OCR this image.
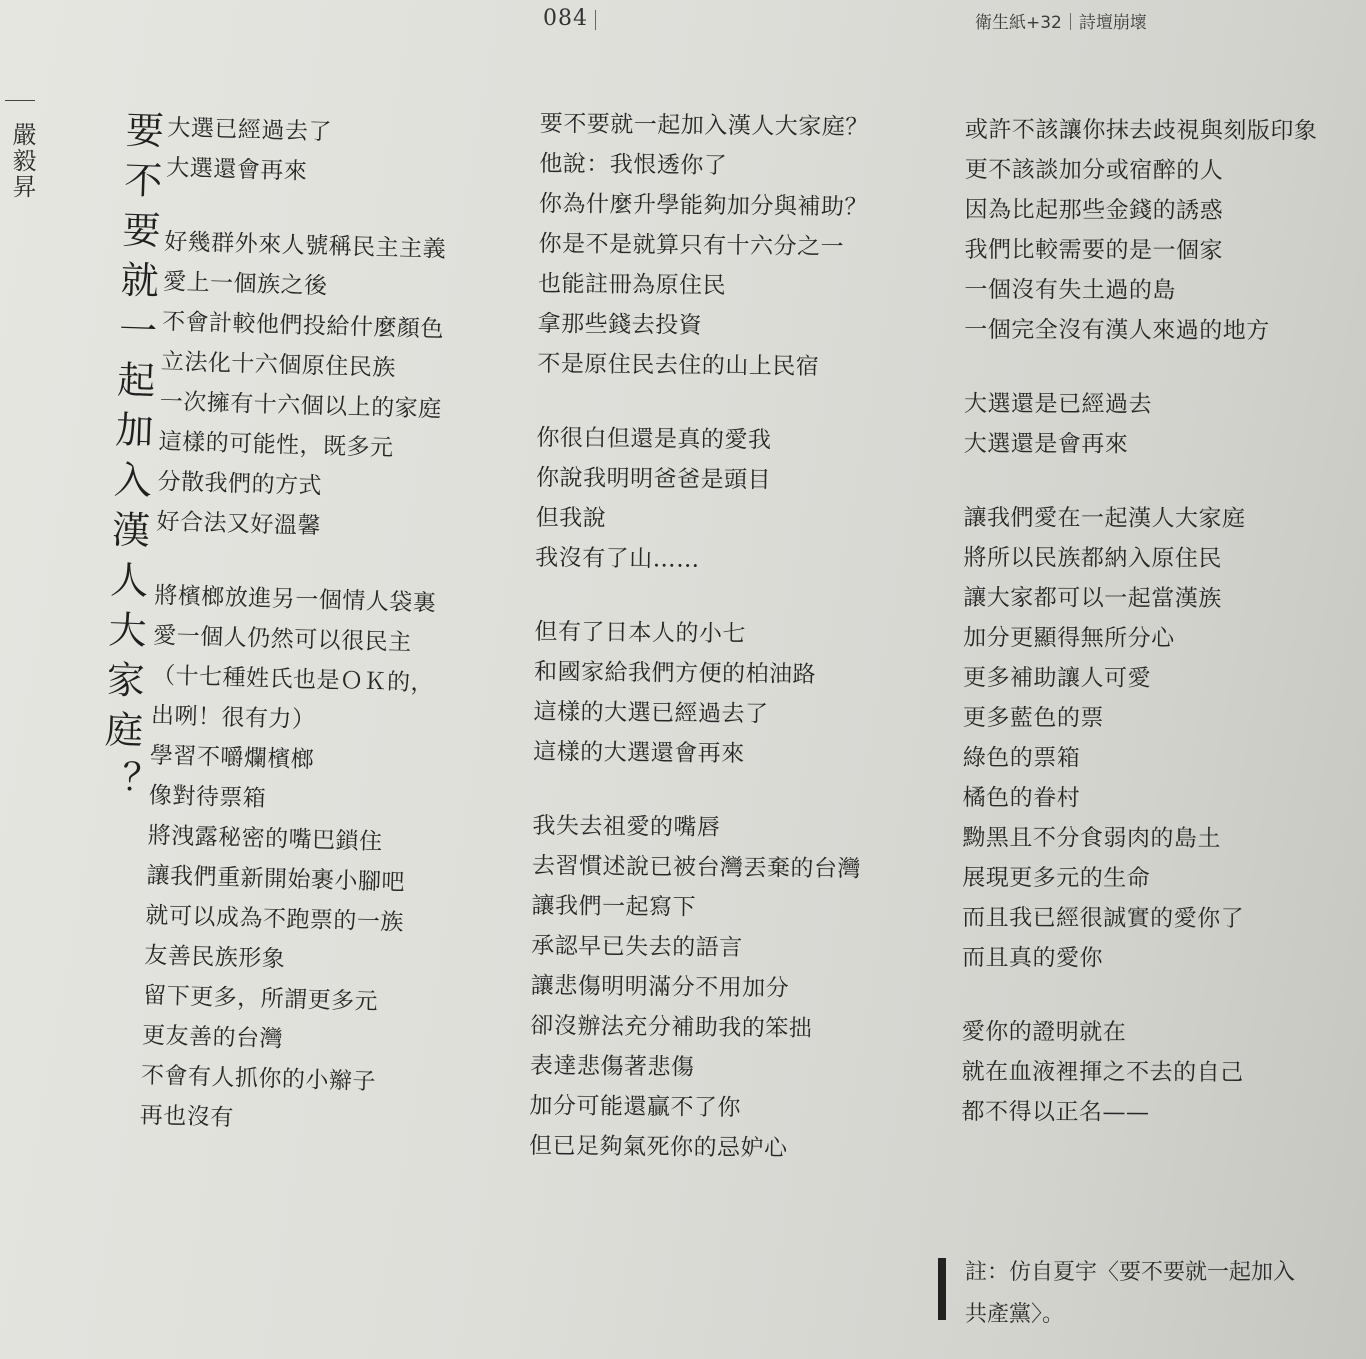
084	衛生紙+32｜詩壇崩壞
嚴毅昇 要不要就一起加入漢人大家庭？ 大選已經過去了
大選還會再來
好幾群外來人號稱民主主義
愛上一個族之後
不會計較他們投給什麼顏色
立法化十六個原住民族
一次擁有十六個以上的家庭
這樣的可能性，既多元
分散我們的方式
好合法又好溫馨
將檳榔放進另一個情人袋裏
愛一個人仍然可以很民主
（十七種姓氏也是ＯＫ的，
出咧！很有力）
學習不嚼爛檳榔
像對待票箱
將洩露秘密的嘴巴鎖住
讓我們重新開始裹小腳吧
就可以成為不跑票的一族
友善民族形象
留下更多，所謂更多元
更友善的台灣
不會有人抓你的小辮子
再也沒有
要不要就一起加入漢人大家庭？
他說：我恨透你了
你為什麼升學能夠加分與補助？
你是不是就算只有十六分之一
也能註冊為原住民
拿那些錢去投資
不是原住民去住的山上民宿
你很白但還是真的愛我
你說我明明爸爸是頭目
但我說
我沒有了山……
但有了日本人的小七
和國家給我們方便的柏油路
這樣的大選已經過去了
這樣的大選還會再來
我失去祖愛的嘴唇
去習慣述說已被台灣丟棄的台灣
讓我們一起寫下
承認早已失去的語言
讓悲傷明明滿分不用加分
卻沒辦法充分補助我的笨拙
表達悲傷著悲傷
加分可能還贏不了你
但已足夠氣死你的忌妒心
或許不該讓你抹去歧視與刻版印象
更不該談加分或宿醉的人
因為比起那些金錢的誘惑
我們比較需要的是一個家
一個沒有失土過的島
一個完全沒有漢人來過的地方
大選還是已經過去
大選還是會再來
讓我們愛在一起漢人大家庭
將所以民族都納入原住民
讓大家都可以一起當漢族
加分更顯得無所分心
更多補助讓人可愛
更多藍色的票
綠色的票箱
橘色的眷村
黝黑且不分食弱肉的島土
展現更多元的生命
而且我已經很誠實的愛你了
而且真的愛你
愛你的證明就在
就在血液裡揮之不去的自己
都不得以正名——
註：仿自夏宇〈要不要就一起加入
共產黨〉。
